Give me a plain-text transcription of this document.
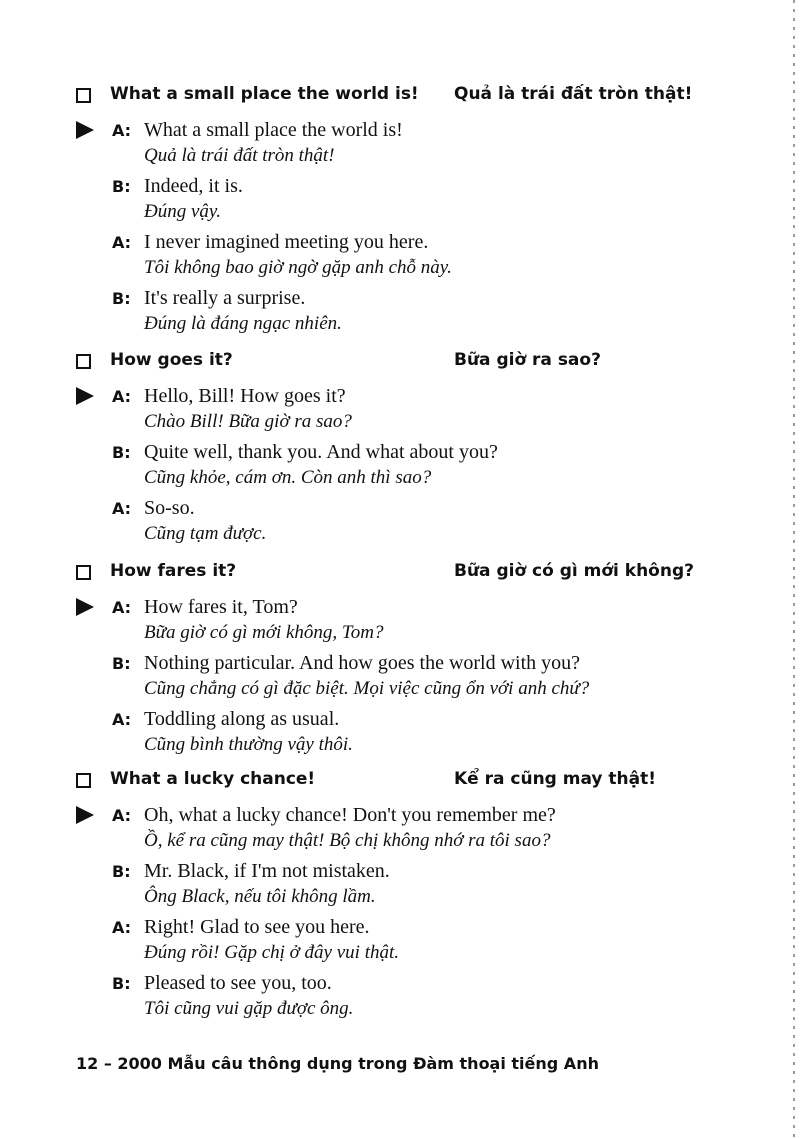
What a small place the world is! Quả là trái đất tròn thật!
A: What a small place the world is!
Quả là trái đất tròn thật!
B: Indeed, it is.
Đúng vậy.
A: I never imagined meeting you here.
Tôi không bao giờ ngờ gặp anh chỗ này.
B: It's really a surprise.
Đúng là đáng ngạc nhiên.
How goes it?	Bữa giờ ra sao?
A: Hello, Bill! How goes it?
Chào Bill! Bữa giờ ra sao?
B: Quite well, thank you. And what about you?
Cũng khỏe, cám ơn. Còn anh thì sao?
A: So-so.
Cũng tạm được.
How fares it?	Bữa giờ có gì mới không?
A: How fares it, Tom?
Bữa giờ có gì mới không, Tom?
B: Nothing particular. And how goes the world with you?
Cũng chẳng có gì đặc biệt. Mọi việc cũng ổn với anh chứ?
A: Toddling along as usual.
Cũng bình thường vậy thôi.
What a lucky chance!	Kể ra cũng may thật!
A: Oh, what a lucky chance! Don't you remember me?
Ồ, kể ra cũng may thật! Bộ chị không nhớ ra tôi sao?
B: Mr. Black, if I'm not mistaken.
Ông Black, nếu tôi không lầm.
A: Right! Glad to see you here.
Đúng rồi! Gặp chị ở đây vui thật.
B: Pleased to see you, too.
Tôi cũng vui gặp được ông.
12 – 2000 Mẫu câu thông dụng trong Đàm thoại tiếng Anh
